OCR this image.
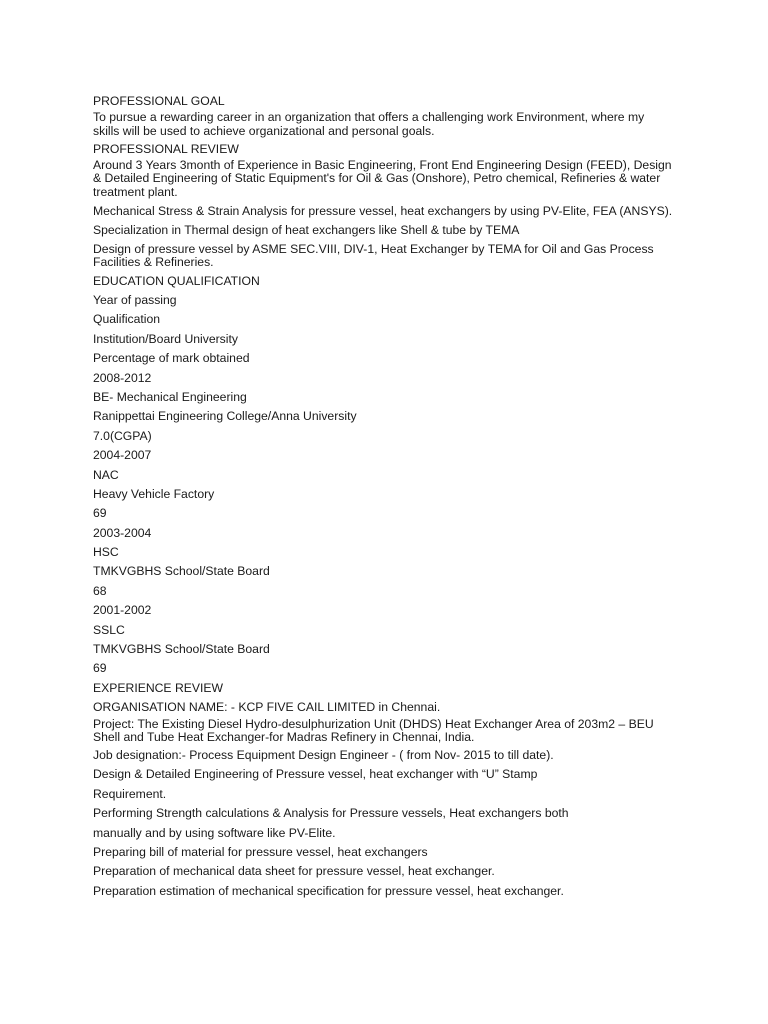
PROFESSIONAL GOAL

To pursue a rewarding career in an organization that offers a challenging work Environment, where my skills will be used to achieve organizational and personal goals.

PROFESSIONAL REVIEW

Around 3 Years 3month of Experience in Basic Engineering, Front End Engineering Design (FEED), Design & Detailed Engineering of Static Equipment's for Oil & Gas (Onshore), Petro chemical, Refineries & water treatment plant.

Mechanical Stress & Strain Analysis for pressure vessel, heat exchangers by using PV-Elite, FEA (ANSYS).

Specialization in Thermal design of heat exchangers like Shell & tube by TEMA

Design of pressure vessel by ASME SEC.VIII, DIV-1, Heat Exchanger by TEMA for Oil and Gas Process Facilities & Refineries.

EDUCATION QUALIFICATION
Year of passing
Qualification
Institution/Board University
Percentage of mark obtained
2008-2012
BE- Mechanical Engineering
Ranippettai Engineering College/Anna University
7.0(CGPA)
2004-2007
NAC
Heavy Vehicle Factory
69
2003-2004
HSC
TMKVGBHS School/State Board
68
2001-2002
SSLC
TMKVGBHS School/State Board
69
EXPERIENCE REVIEW
ORGANISATION NAME: - KCP FIVE CAIL LIMITED in Chennai.

Project: The Existing Diesel Hydro-desulphurization Unit (DHDS) Heat Exchanger Area of 203m2 – BEU Shell and Tube Heat Exchanger-for Madras Refinery in Chennai, India.

Job designation:- Process Equipment Design Engineer - ( from Nov- 2015 to till date).
Design & Detailed Engineering of Pressure vessel, heat exchanger with “U” Stamp
Requirement.
Performing Strength calculations & Analysis for Pressure vessels, Heat exchangers both
manually and by using software like PV-Elite.
Preparing bill of material for pressure vessel, heat exchangers
Preparation of mechanical data sheet for pressure vessel, heat exchanger.
Preparation estimation of mechanical specification for pressure vessel, heat exchanger.
